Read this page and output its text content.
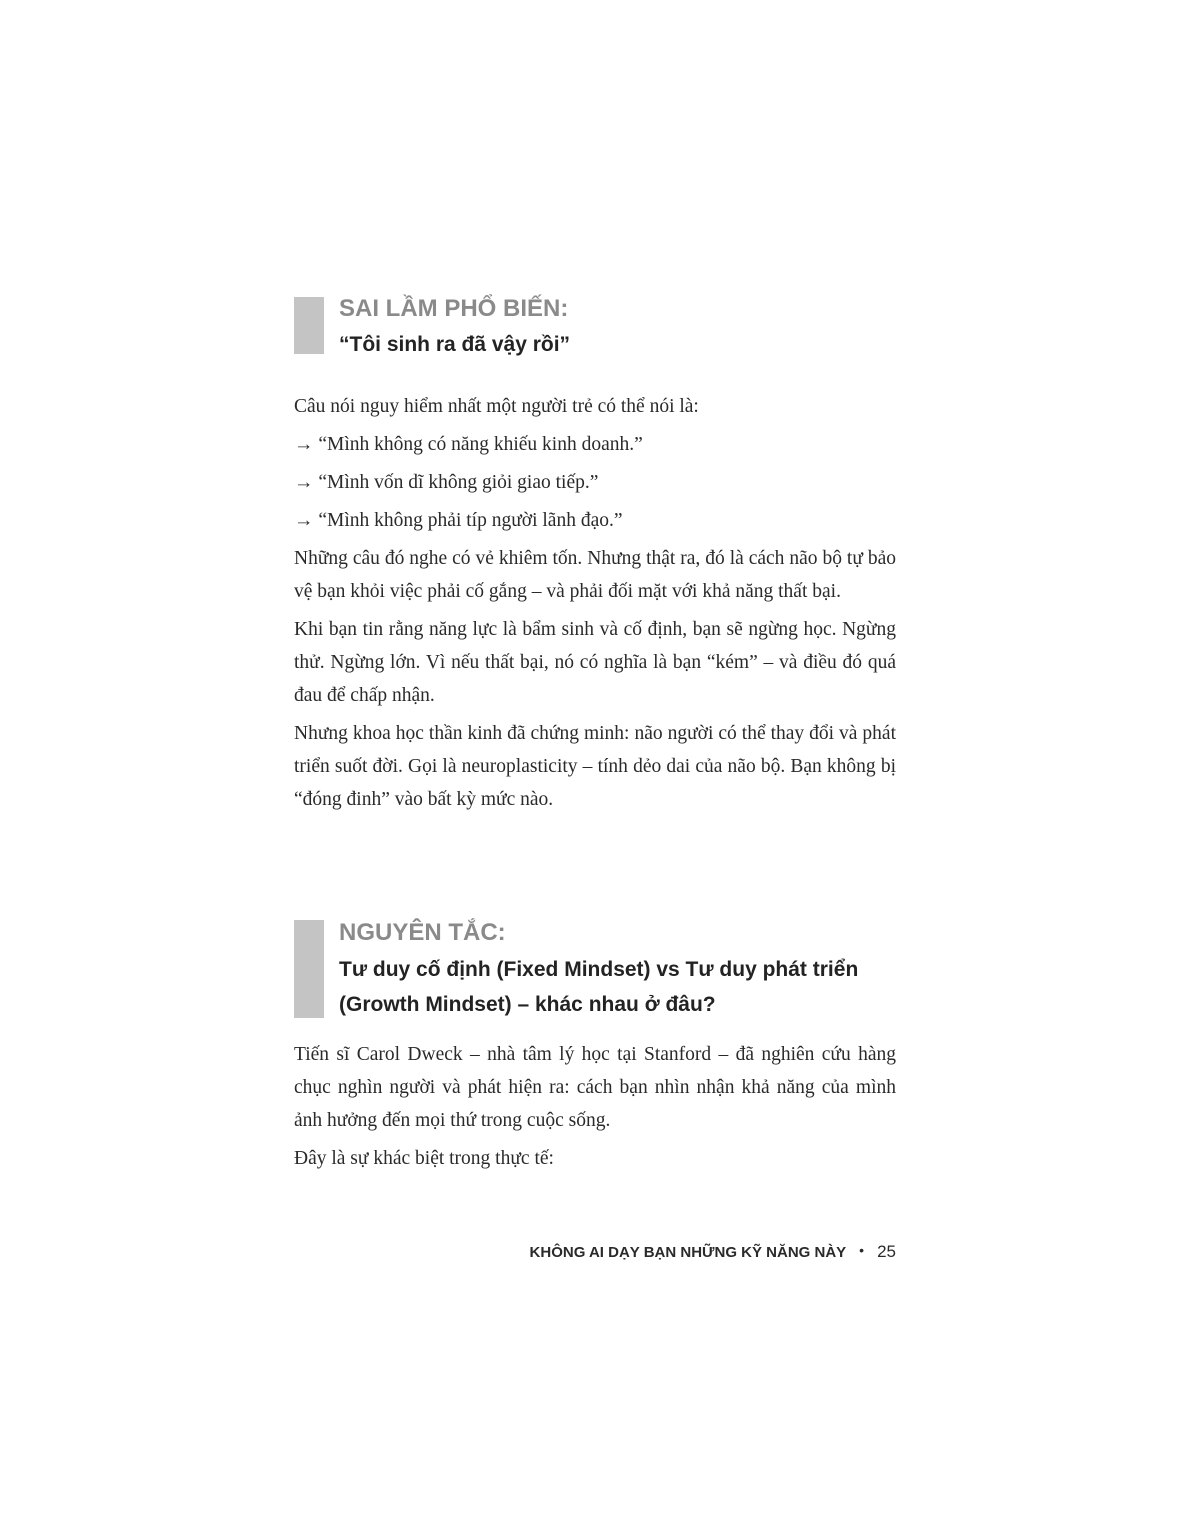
SAI LẦM PHỔ BIẾN:
“Tôi sinh ra đã vậy rồi”

Câu nói nguy hiểm nhất một người trẻ có thể nói là:

→ “Mình không có năng khiếu kinh doanh.”

→ “Mình vốn dĩ không giỏi giao tiếp.”

→ “Mình không phải típ người lãnh đạo.”

Những câu đó nghe có vẻ khiêm tốn. Nhưng thật ra, đó là cách não bộ tự bảo vệ bạn khỏi việc phải cố gắng – và phải đối mặt với khả năng thất bại.

Khi bạn tin rằng năng lực là bẩm sinh và cố định, bạn sẽ ngừng học. Ngừng thử. Ngừng lớn. Vì nếu thất bại, nó có nghĩa là bạn “kém” – và điều đó quá đau để chấp nhận.

Nhưng khoa học thần kinh đã chứng minh: não người có thể thay đổi và phát triển suốt đời. Gọi là neuroplasticity – tính dẻo dai của não bộ. Bạn không bị “đóng đinh” vào bất kỳ mức nào.

NGUYÊN TẮC:
Tư duy cố định (Fixed Mindset) vs Tư duy phát triển (Growth Mindset) – khác nhau ở đâu?

Tiến sĩ Carol Dweck – nhà tâm lý học tại Stanford – đã nghiên cứu hàng chục nghìn người và phát hiện ra: cách bạn nhìn nhận khả năng của mình ảnh hưởng đến mọi thứ trong cuộc sống.

Đây là sự khác biệt trong thực tế:

KHÔNG AI DẠY BẠN NHỮNG KỸ NĂNG NÀY • 25
